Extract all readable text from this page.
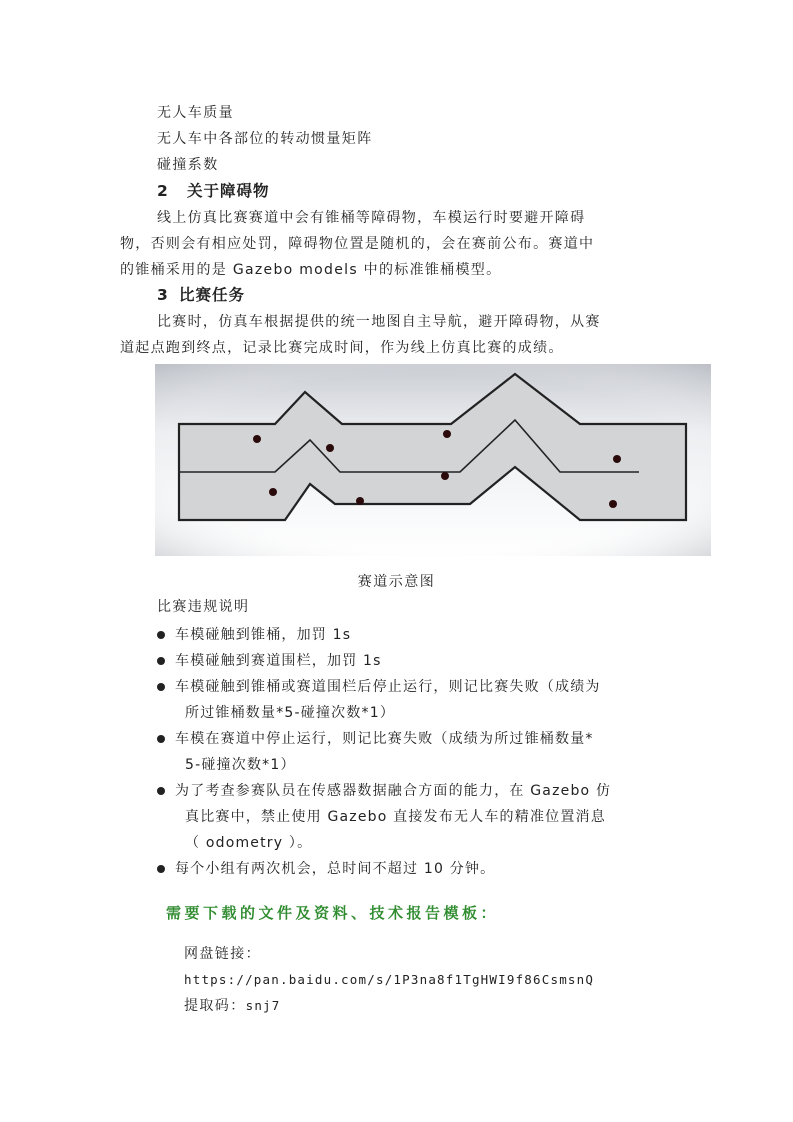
无人车质量
无人车中各部位的转动惯量矩阵
碰撞系数
2 关于障碍物
线上仿真比赛赛道中会有锥桶等障碍物，车模运行时要避开障碍
物，否则会有相应处罚，障碍物位置是随机的，会在赛前公布。赛道中
的锥桶采用的是 Gazebo models 中的标准锥桶模型。
3 比赛任务
比赛时，仿真车根据提供的统一地图自主导航，避开障碍物，从赛
道起点跑到终点，记录比赛完成时间，作为线上仿真比赛的成绩。
赛道示意图
比赛违规说明
车模碰触到锥桶，加罚 1s
车模碰触到赛道围栏，加罚 1s
车模碰触到锥桶或赛道围栏后停止运行，则记比赛失败（成绩为
所过锥桶数量*5-碰撞次数*1）
车模在赛道中停止运行，则记比赛失败（成绩为所过锥桶数量*
5-碰撞次数*1）
为了考查参赛队员在传感器数据融合方面的能力，在 Gazebo 仿
真比赛中，禁止使用 Gazebo 直接发布无人车的精准位置消息
（ odometry ）。
每个小组有两次机会，总时间不超过 10 分钟。
需要下载的文件及资料、技术报告模板：
网盘链接：
https://pan.baidu.com/s/1P3na8f1TgHWI9f86CsmsnQ
提取码：snj7
